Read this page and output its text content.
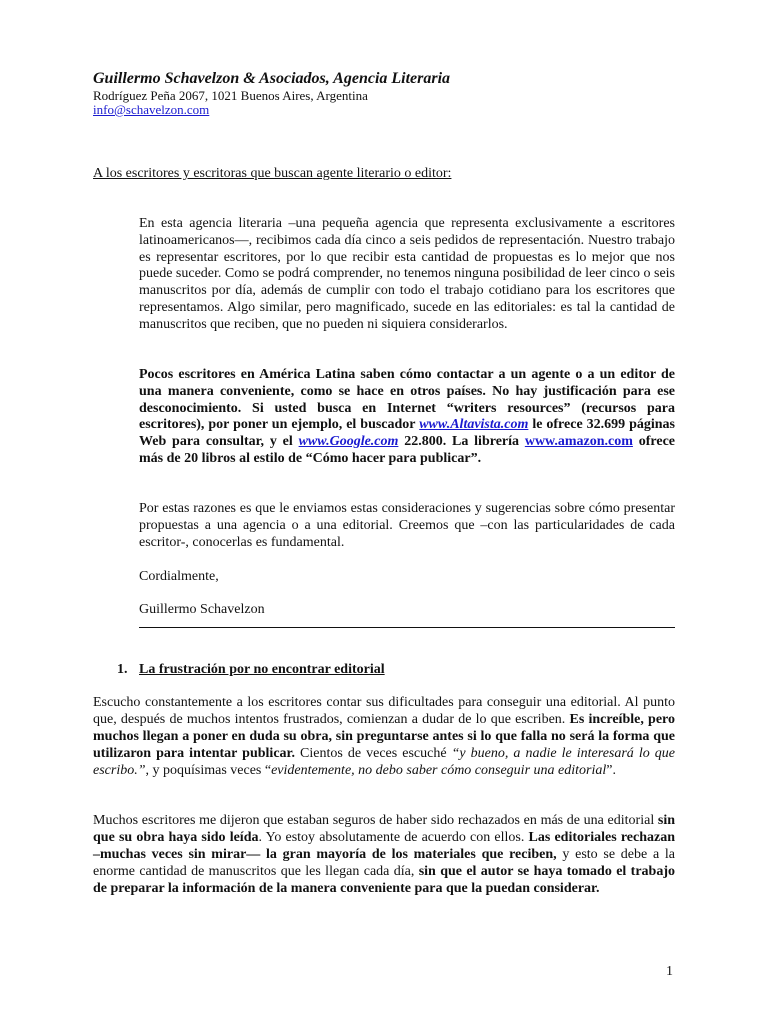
Guillermo Schavelzon & Asociados, Agencia Literaria
Rodríguez Peña 2067, 1021 Buenos Aires, Argentina
info@schavelzon.com
A los escritores y escritoras que buscan agente literario o editor:

En esta agencia literaria –una pequeña agencia que representa exclusivamente a escritores latinoamericanos—, recibimos cada día cinco a seis pedidos de representación. Nuestro trabajo es representar escritores, por lo que recibir esta cantidad de propuestas es lo mejor que nos puede suceder. Como se podrá comprender, no tenemos ninguna posibilidad de leer cinco o seis manuscritos por día, además de cumplir con todo el trabajo cotidiano para los escritores que representamos. Algo similar, pero magnificado, sucede en las editoriales: es tal la cantidad de manuscritos que reciben, que no pueden ni siquiera considerarlos.

Pocos escritores en América Latina saben cómo contactar a un agente o a un editor de una manera conveniente, como se hace en otros países. No hay justificación para ese desconocimiento. Si usted busca en Internet “writers resources” (recursos para escritores), por poner un ejemplo, el buscador www.Altavista.com le ofrece 32.699 páginas Web para consultar, y el www.Google.com 22.800. La librería www.amazon.com ofrece más de 20 libros al estilo de “Cómo hacer para publicar”.

Por estas razones es que le enviamos estas consideraciones y sugerencias sobre cómo presentar propuestas a una agencia o a una editorial. Creemos que –con las particularidades de cada escritor-, conocerlas es fundamental.

Cordialmente,
Guillermo Schavelzon
1. La frustración por no encontrar editorial

Escucho constantemente a los escritores contar sus dificultades para conseguir una editorial. Al punto que, después de muchos intentos frustrados, comienzan a dudar de lo que escriben. Es increíble, pero muchos llegan a poner en duda su obra, sin preguntarse antes si lo que falla no será la forma que utilizaron para intentar publicar. Cientos de veces escuché “y bueno, a nadie le interesará lo que escribo.”, y poquísimas veces “evidentemente, no debo saber cómo conseguir una editorial”.

Muchos escritores me dijeron que estaban seguros de haber sido rechazados en más de una editorial sin que su obra haya sido leída. Yo estoy absolutamente de acuerdo con ellos. Las editoriales rechazan –muchas veces sin mirar— la gran mayoría de los materiales que reciben, y esto se debe a la enorme cantidad de manuscritos que les llegan cada día, sin que el autor se haya tomado el trabajo de preparar la información de la manera conveniente para que la puedan considerar.

1
